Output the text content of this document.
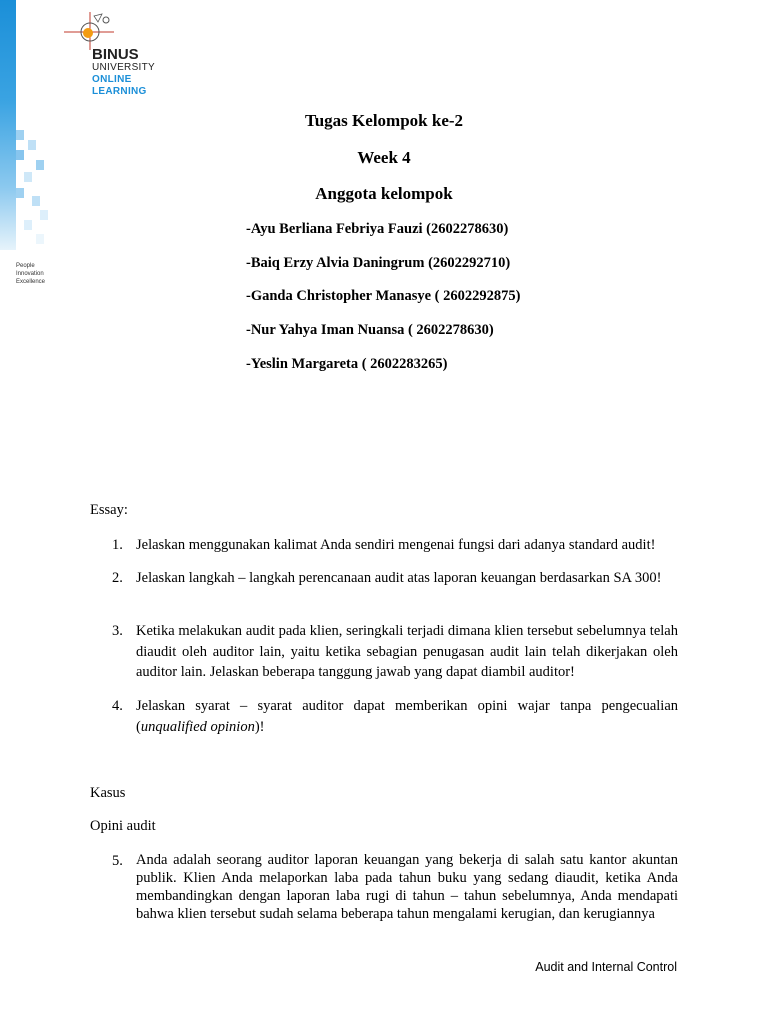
People
Innovation
Excellence
BINUS
UNIVERSITY
ONLINE
LEARNING
Tugas Kelompok ke-2
Week 4
Anggota kelompok
-Ayu Berliana Febriya Fauzi (2602278630)
-Baiq Erzy Alvia Daningrum (2602292710)
-Ganda Christopher Manasye ( 2602292875)
-Nur Yahya Iman Nuansa ( 2602278630)
-Yeslin Margareta ( 2602283265)
Essay:
1. Jelaskan menggunakan kalimat Anda sendiri mengenai fungsi dari adanya standard audit!
2. Jelaskan langkah – langkah perencanaan audit atas laporan keuangan berdasarkan SA 300!
3. Ketika melakukan audit pada klien, seringkali terjadi dimana klien tersebut sebelumnya telah diaudit oleh auditor lain, yaitu ketika sebagian penugasan audit lain telah dikerjakan oleh auditor lain. Jelaskan beberapa tanggung jawab yang dapat diambil auditor!
4. Jelaskan syarat – syarat auditor dapat memberikan opini wajar tanpa pengecualian (unqualified opinion)!
Kasus
Opini audit
5. Anda adalah seorang auditor laporan keuangan yang bekerja di salah satu kantor akuntan publik. Klien Anda melaporkan laba pada tahun buku yang sedang diaudit, ketika Anda membandingkan dengan laporan laba rugi di tahun – tahun sebelumnya, Anda mendapati bahwa klien tersebut sudah selama beberapa tahun mengalami kerugian, dan kerugiannya
Audit and Internal Control
